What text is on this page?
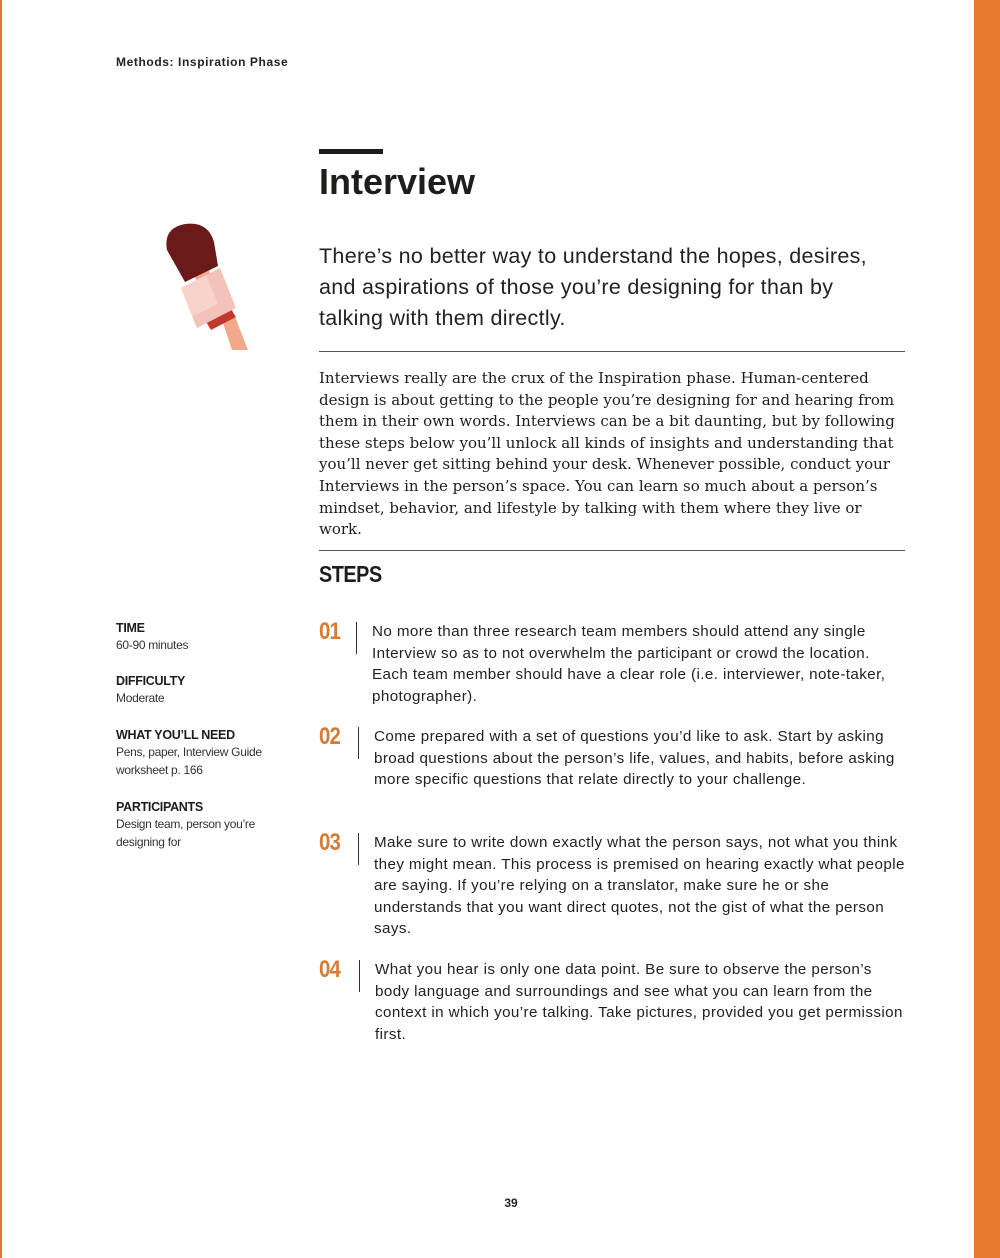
Methods: Inspiration Phase
Interview

There’s no better way to understand the hopes, desires, and aspirations of those you’re designing for than by talking with them directly.

Interviews really are the crux of the Inspiration phase. Human-centered design is about getting to the people you’re designing for and hearing from them in their own words. Interviews can be a bit daunting, but by following these steps below you’ll unlock all kinds of insights and understanding that you’ll never get sitting behind your desk. Whenever possible, conduct your Interviews in the person’s space. You can learn so much about a person’s mindset, behavior, and lifestyle by talking with them where they live or work.

STEPS
TIME
60-90 minutes
DIFFICULTY
Moderate
WHAT YOU’LL NEED
Pens, paper, Interview Guide worksheet p. 166
PARTICIPANTS
Design team, person you’re designing for
01 No more than three research team members should attend any single Interview so as to not overwhelm the participant or crowd the location. Each team member should have a clear role (i.e. interviewer, note-taker, photographer).

02 Come prepared with a set of questions you’d like to ask. Start by asking broad questions about the person’s life, values, and habits, before asking more specific questions that relate directly to your challenge.

03 Make sure to write down exactly what the person says, not what you think they might mean. This process is premised on hearing exactly what people are saying. If you’re relying on a translator, make sure he or she understands that you want direct quotes, not the gist of what the person says.

04 What you hear is only one data point. Be sure to observe the person’s body language and surroundings and see what you can learn from the context in which you’re talking. Take pictures, provided you get permission first.

39
